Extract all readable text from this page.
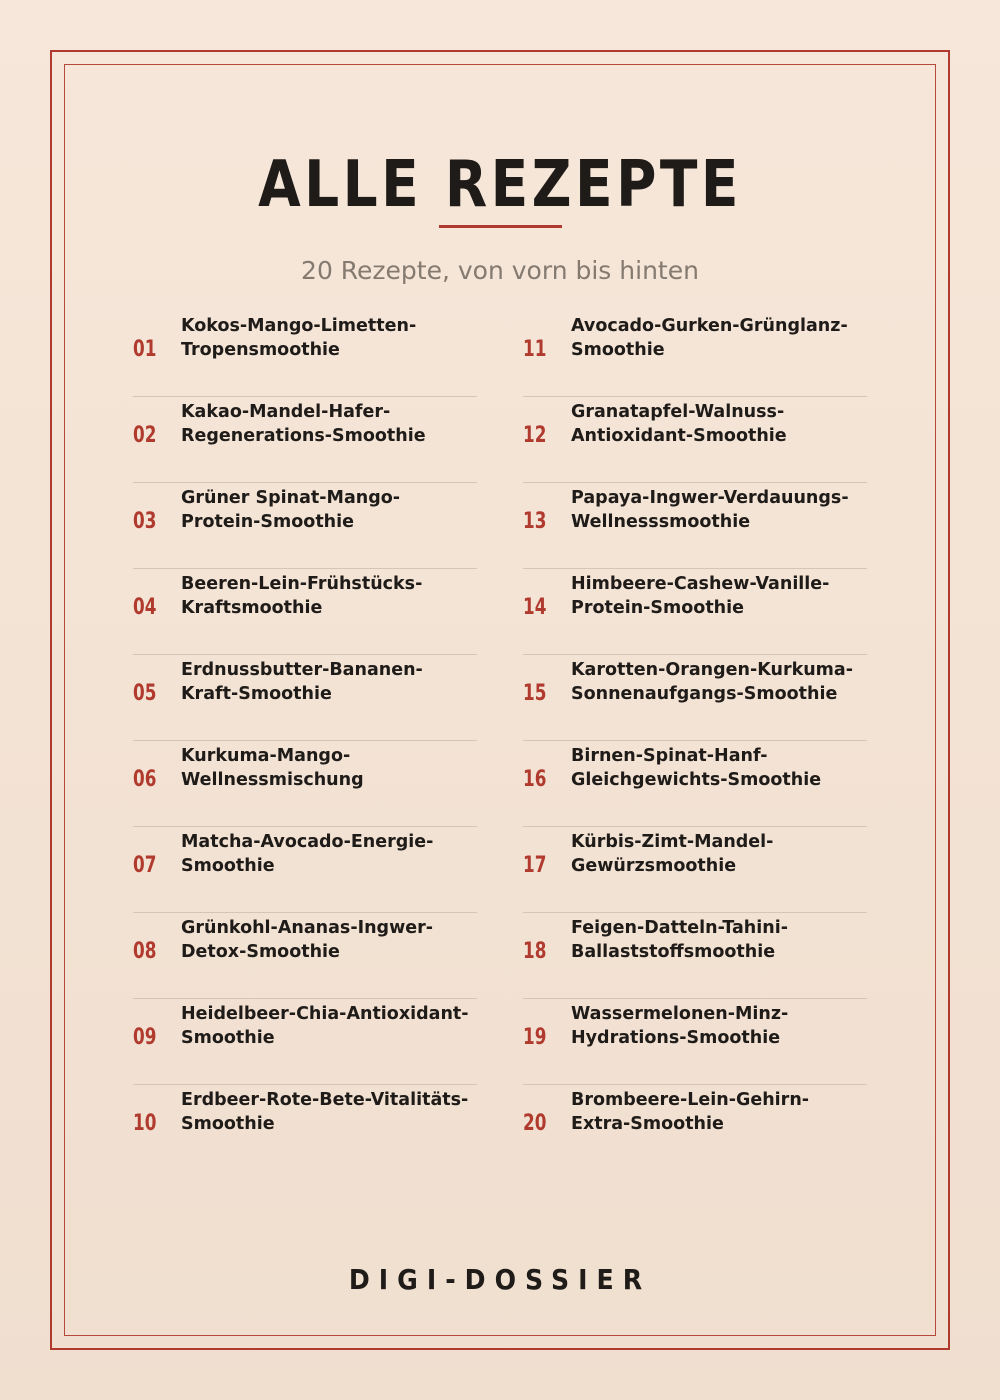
ALLE REZEPTE
20 Rezepte, von vorn bis hinten
01
Kokos-Mango-Limetten-
Tropensmoothie
02
Kakao-Mandel-Hafer-
Regenerations-Smoothie
03
Grüner Spinat-Mango-
Protein-Smoothie
04
Beeren-Lein-Frühstücks-
Kraftsmoothie
05
Erdnussbutter-Bananen-
Kraft-Smoothie
06
Kurkuma-Mango-
Wellnessmischung
07
Matcha-Avocado-Energie-
Smoothie
08
Grünkohl-Ananas-Ingwer-
Detox-Smoothie
09
Heidelbeer-Chia-Antioxidant-
Smoothie
10
Erdbeer-Rote-Bete-Vitalitäts-
Smoothie
11
Avocado-Gurken-Grünglanz-
Smoothie
12
Granatapfel-Walnuss-
Antioxidant-Smoothie
13
Papaya-Ingwer-Verdauungs-
Wellnesssmoothie
14
Himbeere-Cashew-Vanille-
Protein-Smoothie
15
Karotten-Orangen-Kurkuma-
Sonnenaufgangs-Smoothie
16
Birnen-Spinat-Hanf-
Gleichgewichts-Smoothie
17
Kürbis-Zimt-Mandel-
Gewürzsmoothie
18
Feigen-Datteln-Tahini-
Ballaststoffsmoothie
19
Wassermelonen-Minz-
Hydrations-Smoothie
20
Brombeere-Lein-Gehirn-
Extra-Smoothie
DIGI-DOSSIER
